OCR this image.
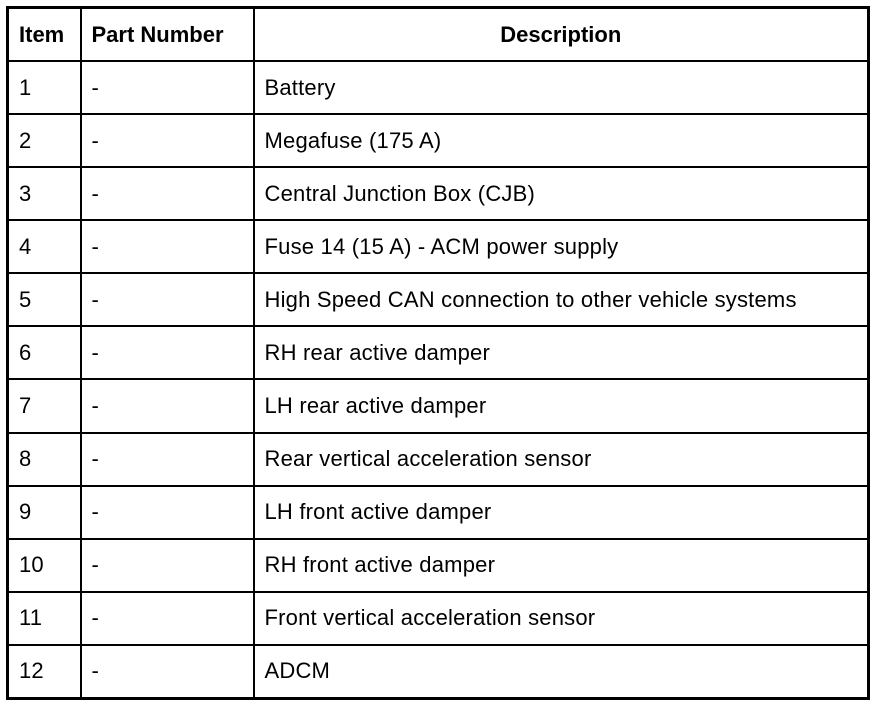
Item	Part Number	Description
1	-	Battery
2	-	Megafuse (175 A)
3	-	Central Junction Box (CJB)
4	-	Fuse 14 (15 A) - ACM power supply
5	-	High Speed CAN connection to other vehicle systems
6	-	RH rear active damper
7	-	LH rear active damper
8	-	Rear vertical acceleration sensor
9	-	LH front active damper
10	-	RH front active damper
11	-	Front vertical acceleration sensor
12	-	ADCM
